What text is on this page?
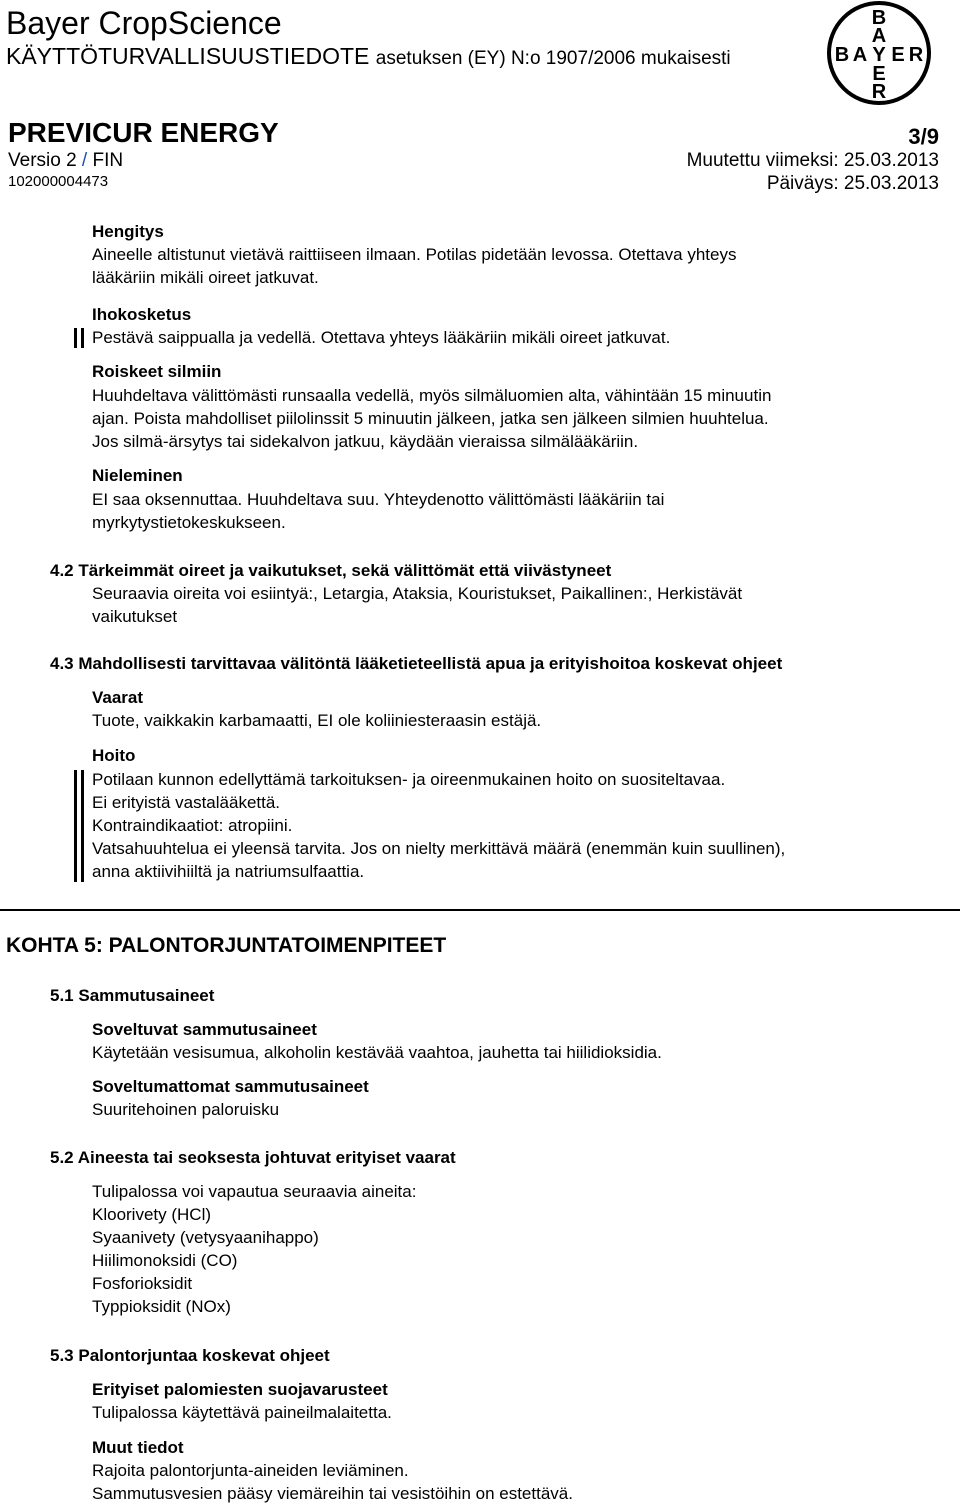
Bayer CropScience
KÄYTTÖTURVALLISUUSTIEDOTE asetuksen (EY) N:o 1907/2006 mukaisesti
B
A
B A Y E R
E
R
PREVICUR ENERGY	3/9
Versio 2 / FIN	Muutettu viimeksi: 25.03.2013
102000004473	Päiväys: 25.03.2013
Hengitys
Aineelle altistunut vietävä raittiiseen ilmaan. Potilas pidetään levossa. Otettava yhteys
lääkäriin mikäli oireet jatkuvat.
Ihokosketus
Pestävä saippualla ja vedellä. Otettava yhteys lääkäriin mikäli oireet jatkuvat.
Roiskeet silmiin
Huuhdeltava välittömästi runsaalla vedellä, myös silmäluomien alta, vähintään 15 minuutin
ajan. Poista mahdolliset piilolinssit 5 minuutin jälkeen, jatka sen jälkeen silmien huuhtelua.
Jos silmä-ärsytys tai sidekalvon jatkuu, käydään vieraissa silmälääkäriin.
Nieleminen
EI saa oksennuttaa. Huuhdeltava suu. Yhteydenotto välittömästi lääkäriin tai
myrkytystietokeskukseen.
4.2 Tärkeimmät oireet ja vaikutukset, sekä välittömät että viivästyneet
Seuraavia oireita voi esiintyä:, Letargia, Ataksia, Kouristukset, Paikallinen:, Herkistävät
vaikutukset
4.3 Mahdollisesti tarvittavaa välitöntä lääketieteellistä apua ja erityishoitoa koskevat ohjeet
Vaarat
Tuote, vaikkakin karbamaatti, EI ole koliiniesteraasin estäjä.
Hoito
Potilaan kunnon edellyttämä tarkoituksen- ja oireenmukainen hoito on suositeltavaa.
Ei erityistä vastalääkettä.
Kontraindikaatiot: atropiini.
Vatsahuuhtelua ei yleensä tarvita. Jos on nielty merkittävä määrä (enemmän kuin suullinen),
anna aktiivihiiltä ja natriumsulfaattia.
KOHTA 5: PALONTORJUNTATOIMENPITEET
5.1 Sammutusaineet
Soveltuvat sammutusaineet
Käytetään vesisumua, alkoholin kestävää vaahtoa, jauhetta tai hiilidioksidia.
Soveltumattomat sammutusaineet
Suuritehoinen paloruisku
5.2 Aineesta tai seoksesta johtuvat erityiset vaarat
Tulipalossa voi vapautua seuraavia aineita:
Kloorivety (HCl)
Syaanivety (vetysyaanihappo)
Hiilimonoksidi (CO)
Fosforioksidit
Typpioksidit (NOx)
5.3 Palontorjuntaa koskevat ohjeet
Erityiset palomiesten suojavarusteet
Tulipalossa käytettävä paineilmalaitetta.
Muut tiedot
Rajoita palontorjunta-aineiden leviäminen.
Sammutusvesien pääsy viemäreihin tai vesistöihin on estettävä.
